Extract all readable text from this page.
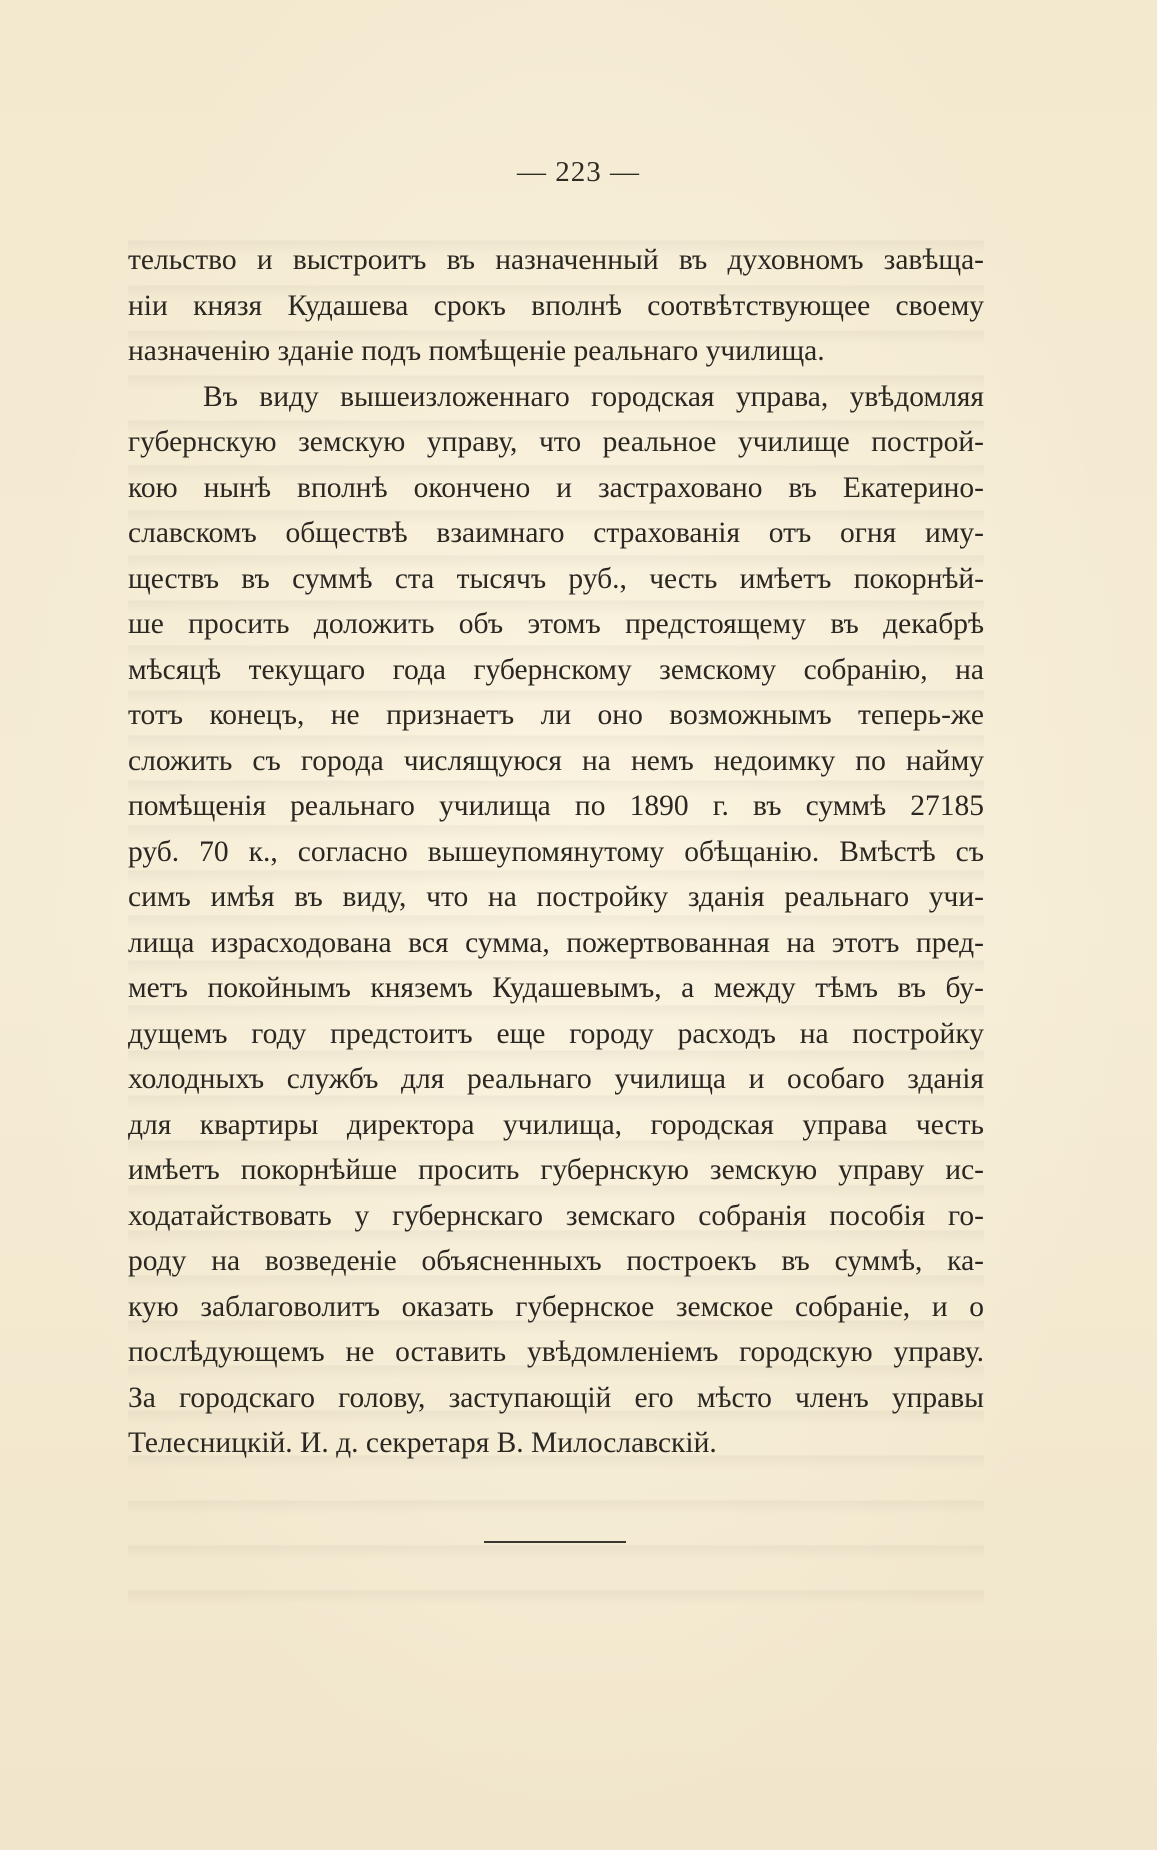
— 223 —
тельство и выстроитъ въ назначенный въ духовномъ завѣща-
нiи князя Кудашева срокъ вполнѣ соотвѣтствующее своему
назначенiю зданiе подъ помѣщенiе реальнаго училища.
Въ виду вышеизложеннаго городская управа, увѣдомляя
губернскую земскую управу, что реальное училище построй-
кою нынѣ вполнѣ окончено и застраховано въ Екатерино-
славскомъ обществѣ взаимнаго страхованiя отъ огня иму-
ществъ въ суммѣ ста тысячъ руб., честь имѣетъ покорнѣй-
ше просить доложить объ этомъ предстоящему въ декабрѣ
мѣсяцѣ текущаго года губернскому земскому собранiю, на
тотъ конецъ, не признаетъ ли оно возможнымъ теперь-же
сложить съ города числящуюся на немъ недоимку по найму
помѣщенiя реальнаго училища по 1890 г. въ суммѣ 27185
руб. 70 к., согласно вышеупомянутому обѣщанiю. Вмѣстѣ съ
симъ имѣя въ виду, что на постройку зданiя реальнаго учи-
лища израсходована вся сумма, пожертвованная на этотъ пред-
метъ покойнымъ княземъ Кудашевымъ, а между тѣмъ въ бу-
дущемъ году предстоитъ еще городу расходъ на постройку
холодныхъ службъ для реальнаго училища и особаго зданiя
для квартиры директора училища, городская управа честь
имѣетъ покорнѣйше просить губернскую земскую управу ис-
ходатайствовать у губернскаго земскаго собранiя пособiя го-
роду на возведенiе объясненныхъ построекъ въ суммѣ, ка-
кую заблаговолитъ оказать губернское земское собранiе, и о
послѣдующемъ не оставить увѣдомленiемъ городскую управу.
За городскаго голову, заступающiй его мѣсто членъ управы
Телесницкiй. И. д. секретаря В. Милославскiй.
